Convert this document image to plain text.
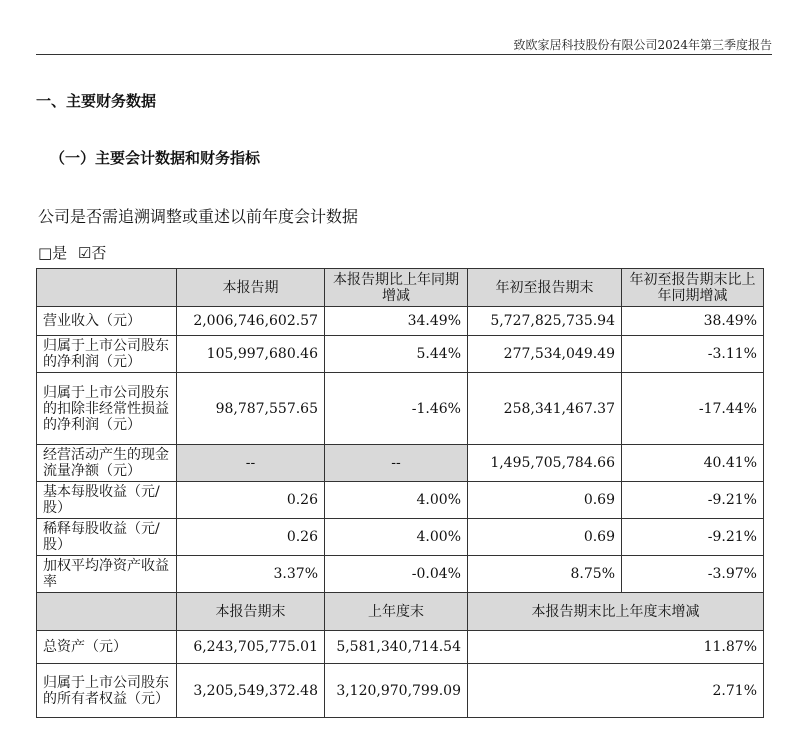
致欧家居科技股份有限公司2024年第三季度报告
一、主要财务数据
（一）主要会计数据和财务指标
公司是否需追溯调整或重述以前年度会计数据
□是 ☑否
	本报告期	本报告期比上年同期增减	年初至报告期末	年初至报告期末比上年同期增减
营业收入（元）	2,006,746,602.57	34.49%	5,727,825,735.94	38.49%
归属于上市公司股东的净利润（元）	105,997,680.46	5.44%	277,534,049.49	-3.11%
归属于上市公司股东的扣除非经常性损益的净利润（元）	98,787,557.65	-1.46%	258,341,467.37	-17.44%
经营活动产生的现金流量净额（元）	--	--	1,495,705,784.66	40.41%
基本每股收益（元/股）	0.26	4.00%	0.69	-9.21%
稀释每股收益（元/股）	0.26	4.00%	0.69	-9.21%
加权平均净资产收益率	3.37%	-0.04%	8.75%	-3.97%
	本报告期末	上年度末	本报告期末比上年度末增减	
总资产（元）	6,243,705,775.01	5,581,340,714.54	11.87%	
归属于上市公司股东的所有者权益（元）	3,205,549,372.48	3,120,970,799.09	2.71%	
